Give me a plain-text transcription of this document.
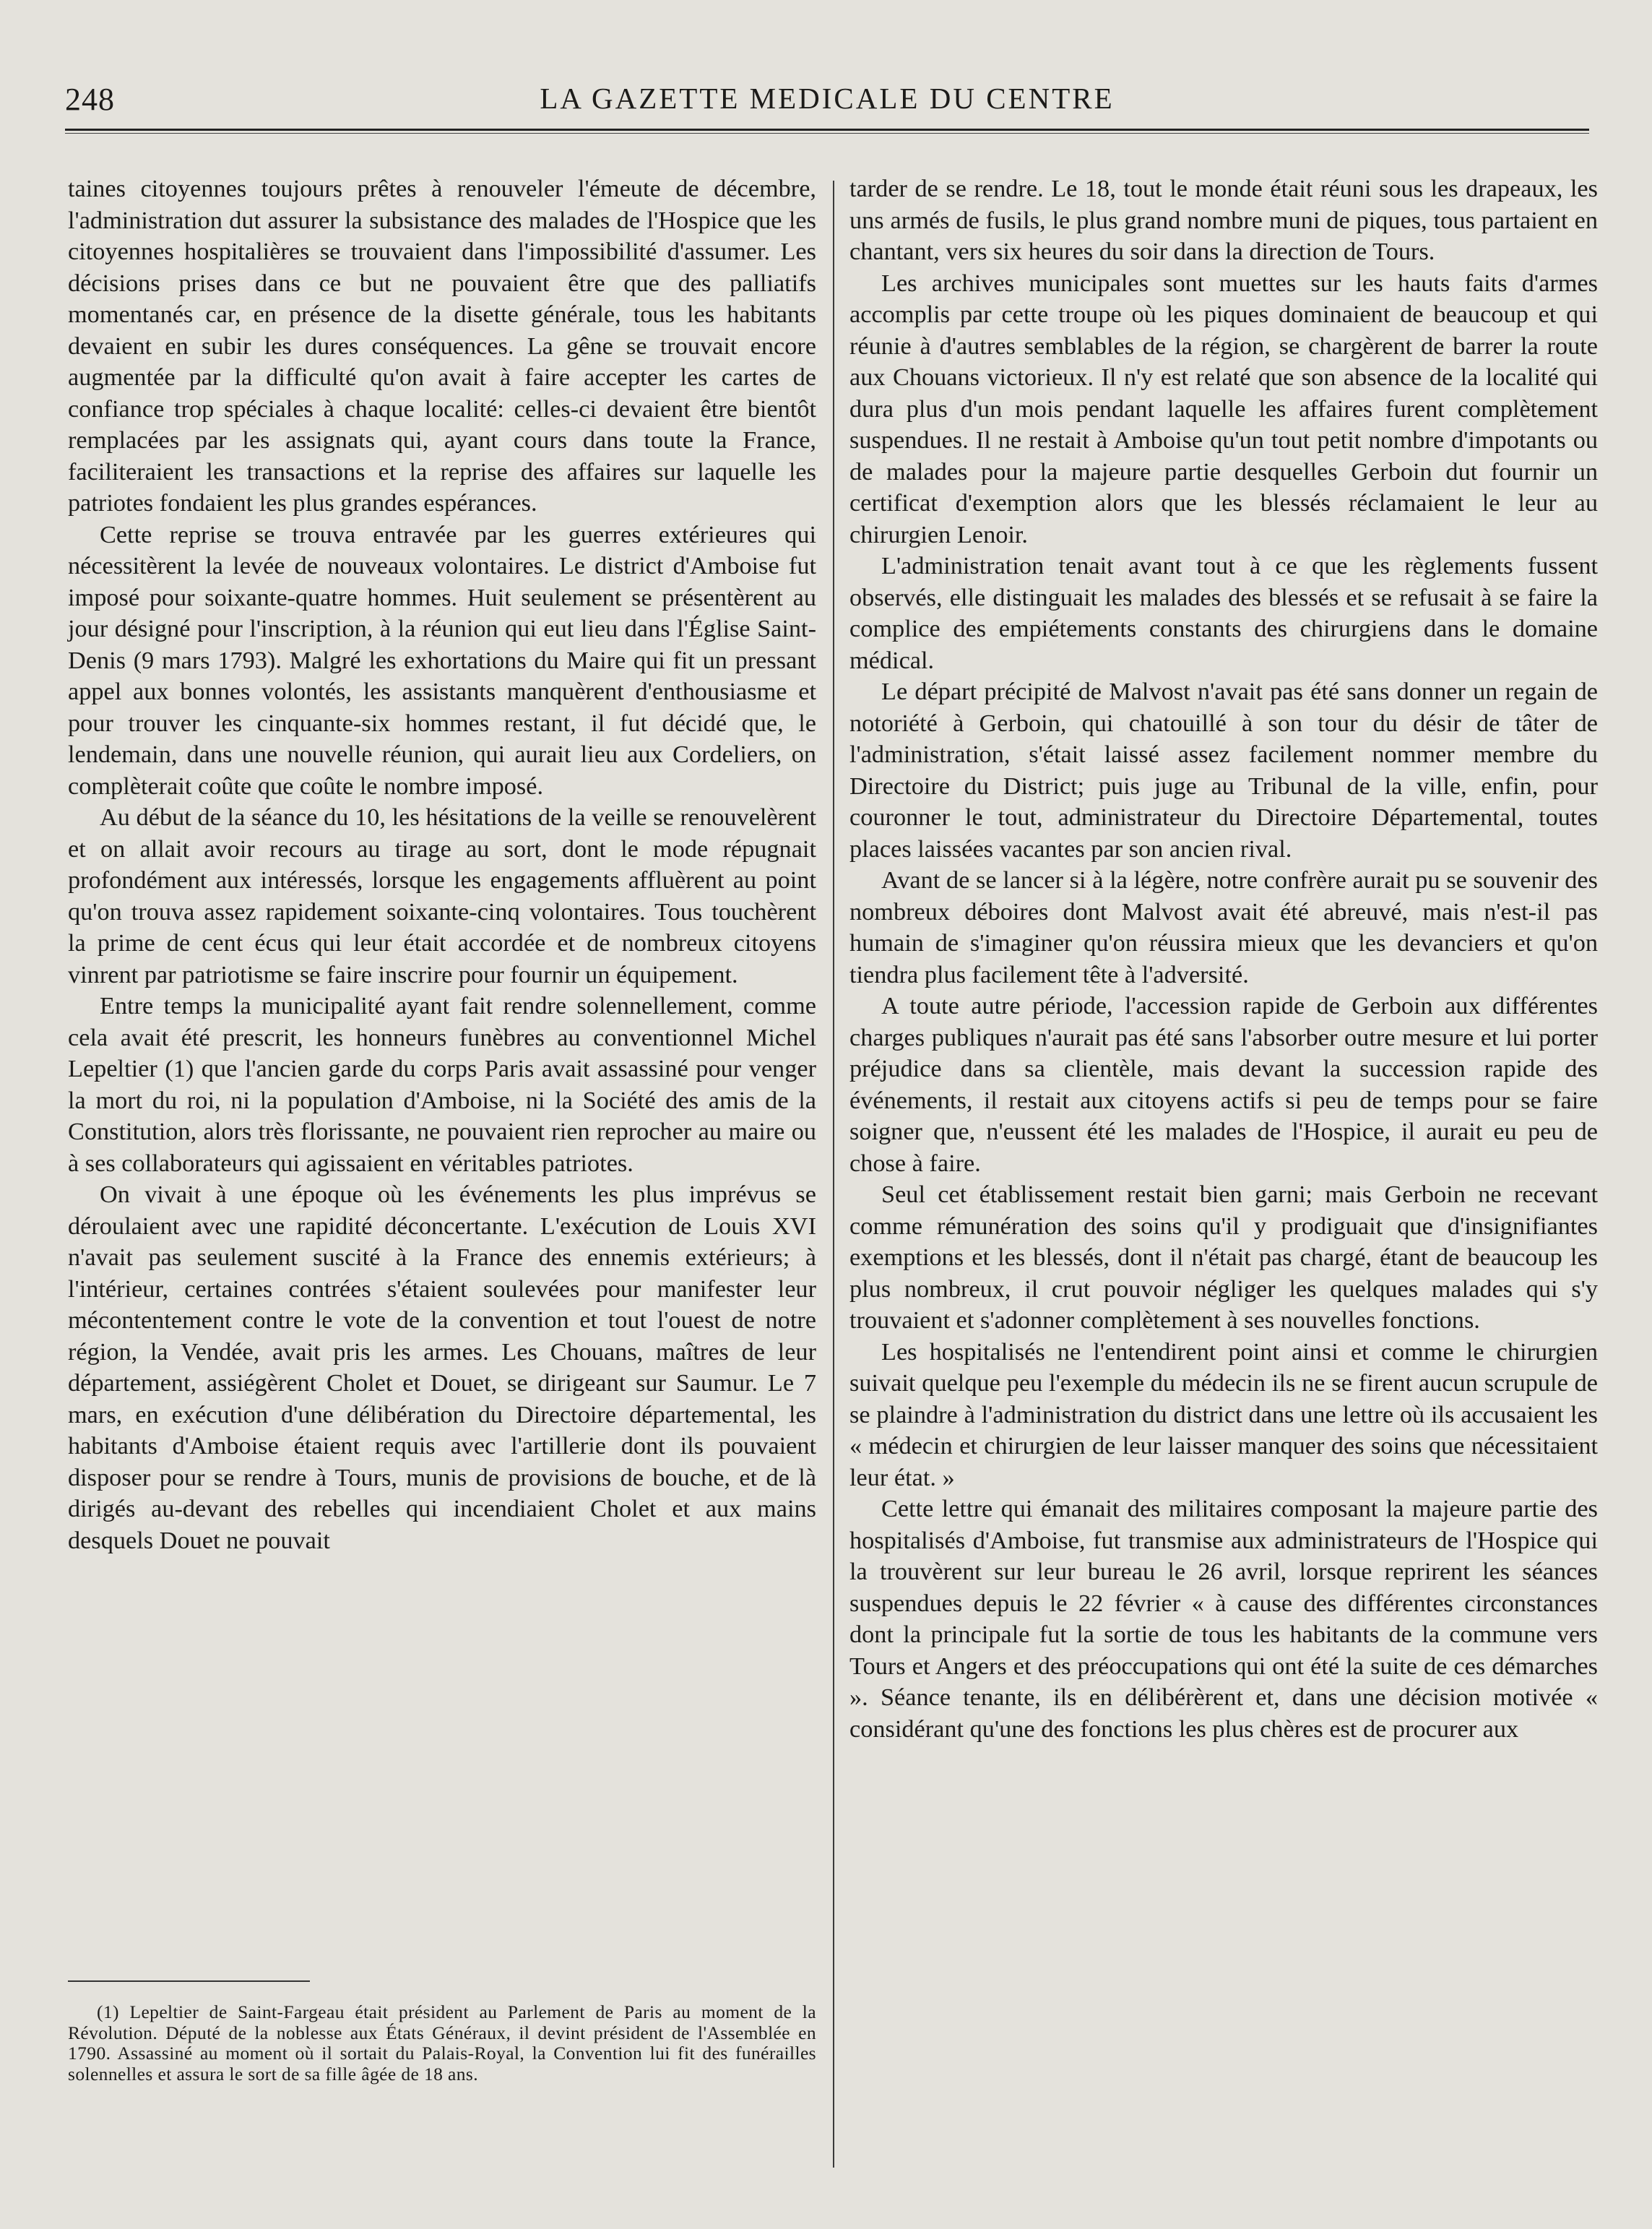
248	LA GAZETTE MEDICALE DU CENTRE

taines citoyennes toujours prêtes à renouveler l'émeute de décembre, l'administration dut assurer la subsistance des malades de l'Hospice que les citoyennes hospitalières se trouvaient dans l'impossibilité d'assumer. Les décisions prises dans ce but ne pouvaient être que des palliatifs momentanés car, en présence de la disette générale, tous les habitants devaient en subir les dures conséquences. La gêne se trouvait encore augmentée par la difficulté qu'on avait à faire accepter les cartes de confiance trop spéciales à chaque localité: celles-ci devaient être bientôt remplacées par les assignats qui, ayant cours dans toute la France, faciliteraient les transactions et la reprise des affaires sur laquelle les patriotes fondaient les plus grandes espérances.

Cette reprise se trouva entravée par les guerres extérieures qui nécessitèrent la levée de nouveaux volontaires. Le district d'Amboise fut imposé pour soixante-quatre hommes. Huit seulement se présentèrent au jour désigné pour l'inscription, à la réunion qui eut lieu dans l'Église Saint-Denis (9 mars 1793). Malgré les exhortations du Maire qui fit un pressant appel aux bonnes volontés, les assistants manquèrent d'enthousiasme et pour trouver les cinquante-six hommes restant, il fut décidé que, le lendemain, dans une nouvelle réunion, qui aurait lieu aux Cordeliers, on complèterait coûte que coûte le nombre imposé.

Au début de la séance du 10, les hésitations de la veille se renouvelèrent et on allait avoir recours au tirage au sort, dont le mode répugnait profondément aux intéressés, lorsque les engagements affluèrent au point qu'on trouva assez rapidement soixante-cinq volontaires. Tous touchèrent la prime de cent écus qui leur était accordée et de nombreux citoyens vinrent par patriotisme se faire inscrire pour fournir un équipement.

Entre temps la municipalité ayant fait rendre solennellement, comme cela avait été prescrit, les honneurs funèbres au conventionnel Michel Lepeltier (1) que l'ancien garde du corps Paris avait assassiné pour venger la mort du roi, ni la population d'Amboise, ni la Société des amis de la Constitution, alors très florissante, ne pouvaient rien reprocher au maire ou à ses collaborateurs qui agissaient en véritables patriotes.

On vivait à une époque où les événements les plus imprévus se déroulaient avec une rapidité déconcertante. L'exécution de Louis XVI n'avait pas seulement suscité à la France des ennemis extérieurs; à l'intérieur, certaines contrées s'étaient soulevées pour manifester leur mécontentement contre le vote de la convention et tout l'ouest de notre région, la Vendée, avait pris les armes. Les Chouans, maîtres de leur département, assiégèrent Cholet et Douet, se dirigeant sur Saumur. Le 7 mars, en exécution d'une délibération du Directoire départemental, les habitants d'Amboise étaient requis avec l'artillerie dont ils pouvaient disposer pour se rendre à Tours, munis de provisions de bouche, et de là dirigés au-devant des rebelles qui incendiaient Cholet et aux mains desquels Douet ne pouvait

(1) Lepeltier de Saint-Fargeau était président au Parlement de Paris au moment de la Révolution. Député de la noblesse aux États Généraux, il devint président de l'Assemblée en 1790. Assassiné au moment où il sortait du Palais-Royal, la Convention lui fit des funérailles solennelles et assura le sort de sa fille âgée de 18 ans.

tarder de se rendre. Le 18, tout le monde était réuni sous les drapeaux, les uns armés de fusils, le plus grand nombre muni de piques, tous partaient en chantant, vers six heures du soir dans la direction de Tours.

Les archives municipales sont muettes sur les hauts faits d'armes accomplis par cette troupe où les piques dominaient de beaucoup et qui réunie à d'autres semblables de la région, se chargèrent de barrer la route aux Chouans victorieux. Il n'y est relaté que son absence de la localité qui dura plus d'un mois pendant laquelle les affaires furent complètement suspendues. Il ne restait à Amboise qu'un tout petit nombre d'impotants ou de malades pour la majeure partie desquelles Gerboin dut fournir un certificat d'exemption alors que les blessés réclamaient le leur au chirurgien Lenoir.

L'administration tenait avant tout à ce que les règlements fussent observés, elle distinguait les malades des blessés et se refusait à se faire la complice des empiétements constants des chirurgiens dans le domaine médical.

Le départ précipité de Malvost n'avait pas été sans donner un regain de notoriété à Gerboin, qui chatouillé à son tour du désir de tâter de l'administration, s'était laissé assez facilement nommer membre du Directoire du District; puis juge au Tribunal de la ville, enfin, pour couronner le tout, administrateur du Directoire Départemental, toutes places laissées vacantes par son ancien rival.

Avant de se lancer si à la légère, notre confrère aurait pu se souvenir des nombreux déboires dont Malvost avait été abreuvé, mais n'est-il pas humain de s'imaginer qu'on réussira mieux que les devanciers et qu'on tiendra plus facilement tête à l'adversité.

A toute autre période, l'accession rapide de Gerboin aux différentes charges publiques n'aurait pas été sans l'absorber outre mesure et lui porter préjudice dans sa clientèle, mais devant la succession rapide des événements, il restait aux citoyens actifs si peu de temps pour se faire soigner que, n'eussent été les malades de l'Hospice, il aurait eu peu de chose à faire.

Seul cet établissement restait bien garni; mais Gerboin ne recevant comme rémunération des soins qu'il y prodiguait que d'insignifiantes exemptions et les blessés, dont il n'était pas chargé, étant de beaucoup les plus nombreux, il crut pouvoir négliger les quelques malades qui s'y trouvaient et s'adonner complètement à ses nouvelles fonctions.

Les hospitalisés ne l'entendirent point ainsi et comme le chirurgien suivait quelque peu l'exemple du médecin ils ne se firent aucun scrupule de se plaindre à l'administration du district dans une lettre où ils accusaient les « médecin et chirurgien de leur laisser manquer des soins que nécessitaient leur état. »

Cette lettre qui émanait des militaires composant la majeure partie des hospitalisés d'Amboise, fut transmise aux administrateurs de l'Hospice qui la trouvèrent sur leur bureau le 26 avril, lorsque reprirent les séances suspendues depuis le 22 février « à cause des différentes circonstances dont la principale fut la sortie de tous les habitants de la commune vers Tours et Angers et des préoccupations qui ont été la suite de ces démarches ». Séance tenante, ils en délibérèrent et, dans une décision motivée « considérant qu'une des fonctions les plus chères est de procurer aux
